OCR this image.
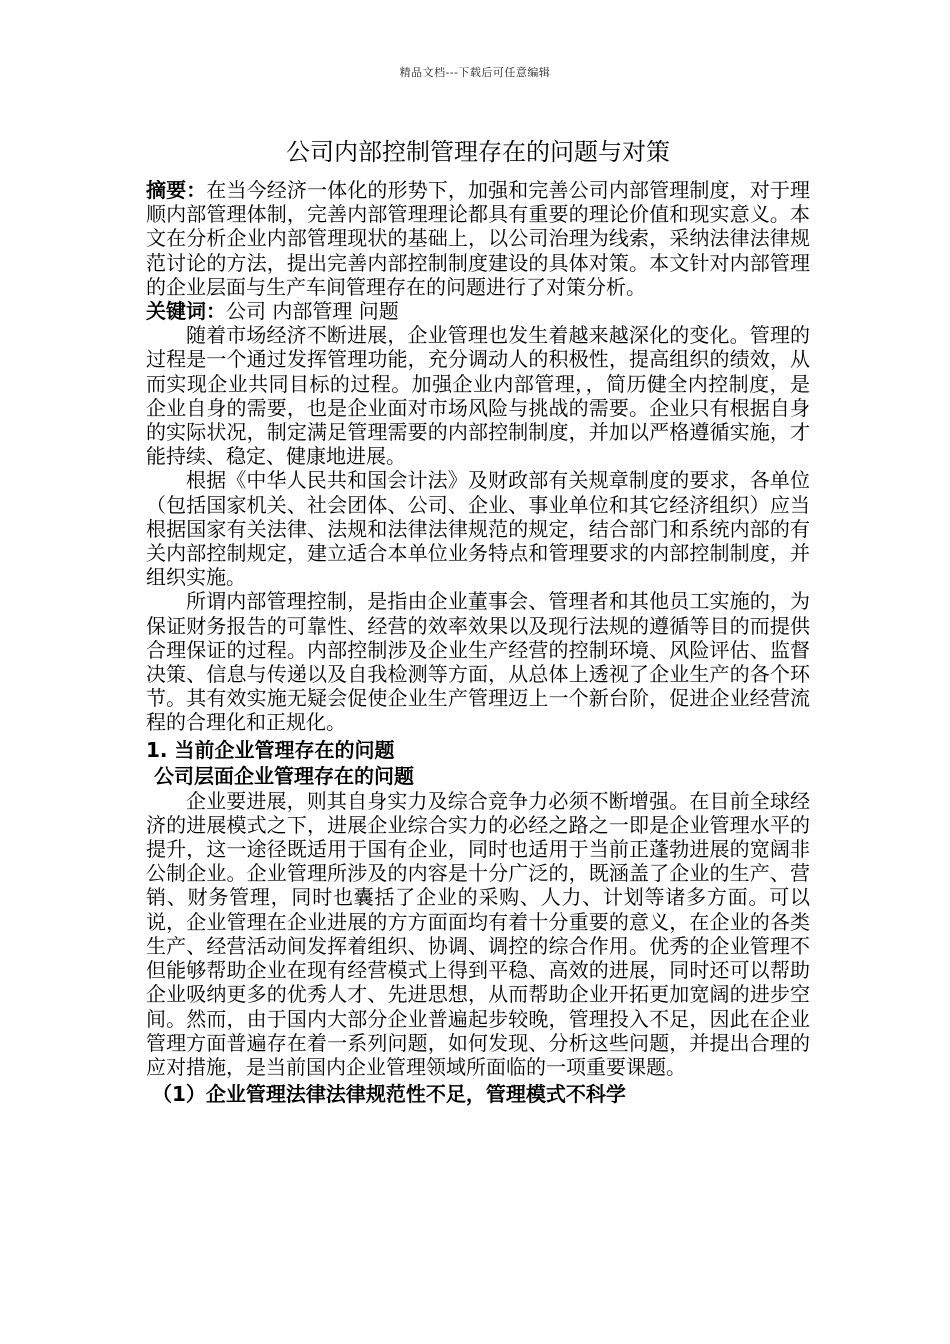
精品文档---下载后可任意编辑
公司内部控制管理存在的问题与对策

摘要：在当今经济一体化的形势下，加强和完善公司内部管理制度，对于理顺内部管理体制，完善内部管理理论都具有重要的理论价值和现实意义。本文在分析企业内部管理现状的基础上，以公司治理为线索，采纳法律法律规范讨论的方法，提出完善内部控制制度建设的具体对策。本文针对内部管理的企业层面与生产车间管理存在的问题进行了对策分析。

关键词：公司 内部管理 问题

随着市场经济不断进展，企业管理也发生着越来越深化的变化。管理的过程是一个通过发挥管理功能，充分调动人的积极性，提高组织的绩效，从而实现企业共同目标的过程。加强企业内部管理，，简历健全内控制度，是企业自身的需要，也是企业面对市场风险与挑战的需要。企业只有根据自身的实际状况，制定满足管理需要的内部控制制度，并加以严格遵循实施，才能持续、稳定、健康地进展。

根据《中华人民共和国会计法》及财政部有关规章制度的要求，各单位（包括国家机关、社会团体、公司、企业、事业单位和其它经济组织）应当根据国家有关法律、法规和法律法律规范的规定，结合部门和系统内部的有关内部控制规定，建立适合本单位业务特点和管理要求的内部控制制度，并组织实施。

所谓内部管理控制，是指由企业董事会、管理者和其他员工实施的，为保证财务报告的可靠性、经营的效率效果以及现行法规的遵循等目的而提供合理保证的过程。内部控制涉及企业生产经营的控制环境、风险评估、监督决策、信息与传递以及自我检测等方面，从总体上透视了企业生产的各个环节。其有效实施无疑会促使企业生产管理迈上一个新台阶，促进企业经营流程的合理化和正规化。

1. 当前企业管理存在的问题
公司层面企业管理存在的问题

企业要进展，则其自身实力及综合竞争力必须不断增强。在目前全球经济的进展模式之下，进展企业综合实力的必经之路之一即是企业管理水平的提升，这一途径既适用于国有企业，同时也适用于当前正蓬勃进展的宽阔非公制企业。企业管理所涉及的内容是十分广泛的，既涵盖了企业的生产、营销、财务管理，同时也囊括了企业的采购、人力、计划等诸多方面。可以说，企业管理在企业进展的方方面面均有着十分重要的意义，在企业的各类生产、经营活动间发挥着组织、协调、调控的综合作用。优秀的企业管理不但能够帮助企业在现有经营模式上得到平稳、高效的进展，同时还可以帮助企业吸纳更多的优秀人才、先进思想，从而帮助企业开拓更加宽阔的进步空间。然而，由于国内大部分企业普遍起步较晚，管理投入不足，因此在企业管理方面普遍存在着一系列问题，如何发现、分析这些问题，并提出合理的应对措施，是当前国内企业管理领域所面临的一项重要课题。

（1）企业管理法律法律规范性不足，管理模式不科学
